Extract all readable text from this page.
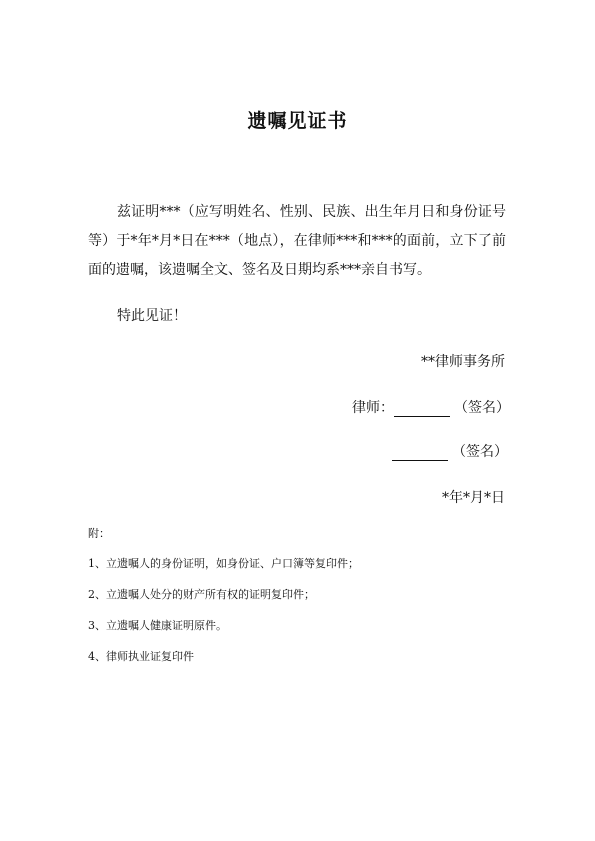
遗嘱见证书
兹证明***（应写明姓名、性别、民族、出生年月日和身份证号等）于*年*月*日在***（地点），在律师***和***的面前，立下了前面的遗嘱，该遗嘱全文、签名及日期均系***亲自书写。
特此见证！
**律师事务所
律师：	（签名）
（签名）
*年*月*日
附：
1、立遗嘱人的身份证明，如身份证、户口簿等复印件；
2、立遗嘱人处分的财产所有权的证明复印件；
3、立遗嘱人健康证明原件。
4、律师执业证复印件
